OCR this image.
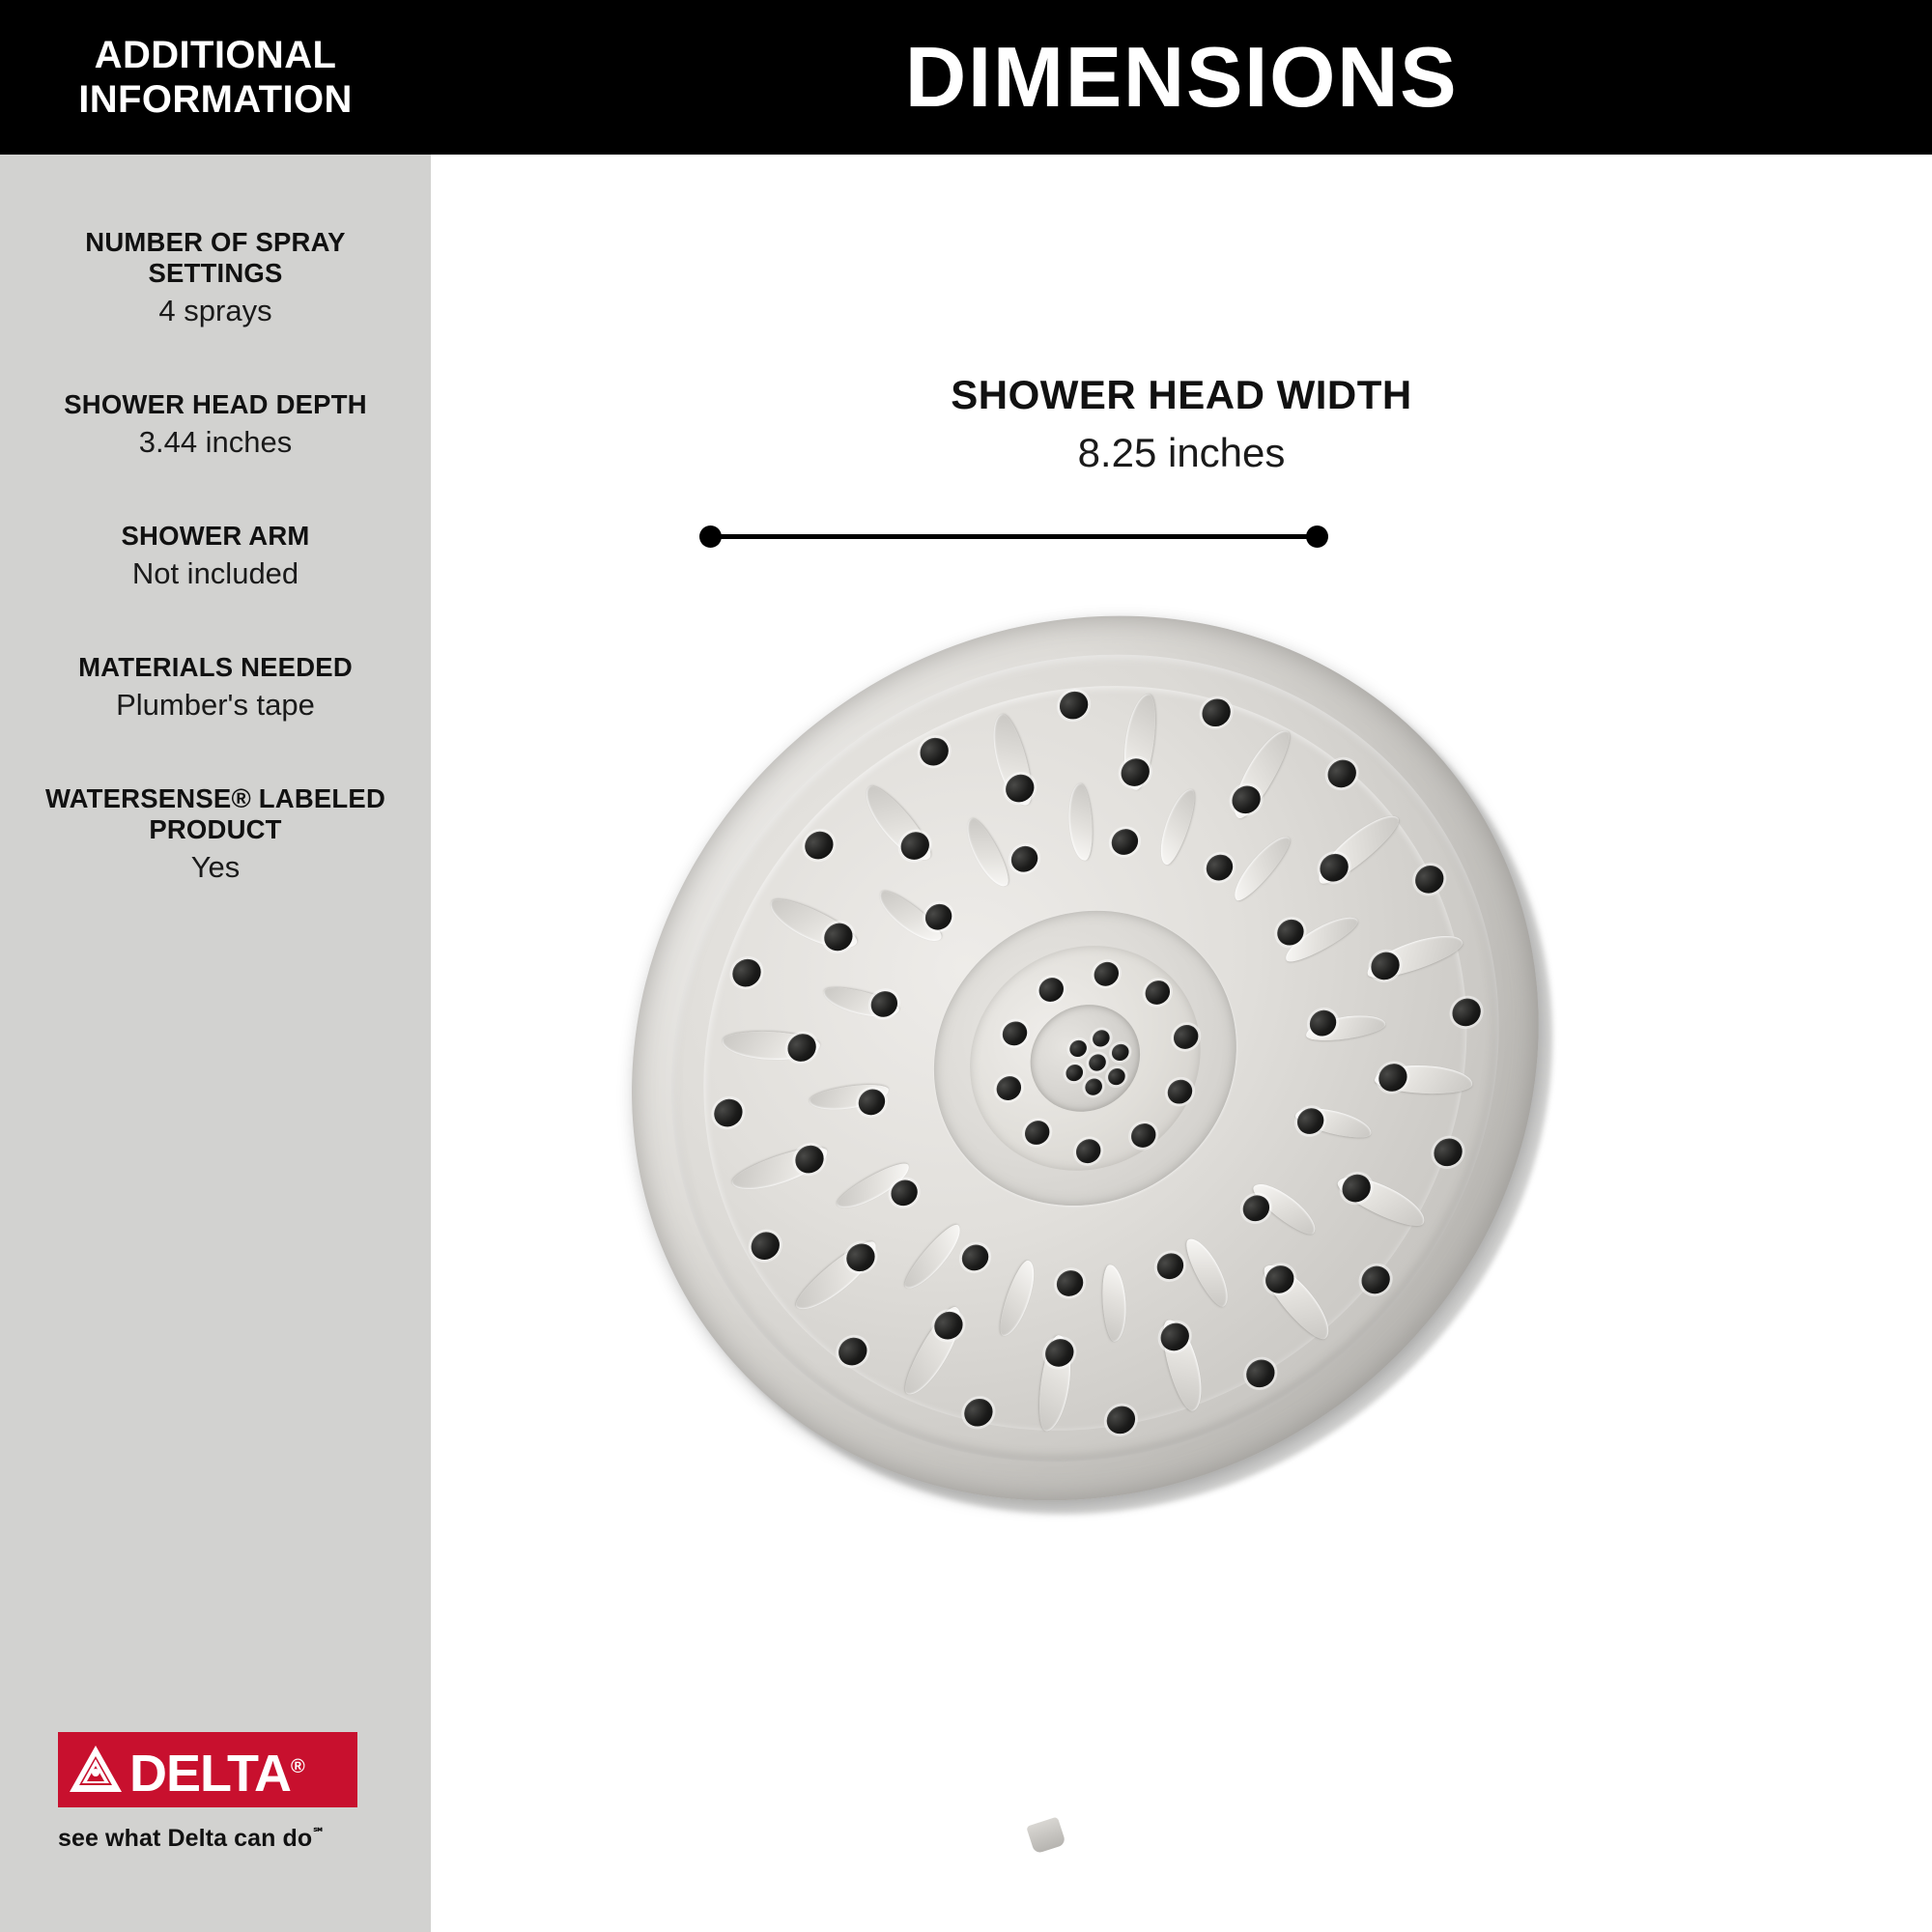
ADDITIONAL
INFORMATION
NUMBER OF SPRAY
SETTINGS
4 sprays
SHOWER HEAD DEPTH
3.44 inches
SHOWER ARM
Not included
MATERIALS NEEDED
Plumber's tape
WATERSENSE® LABELED
PRODUCT
Yes
DELTA®
see what Delta can do℠
DIMENSIONS
SHOWER HEAD WIDTH
8.25 inches
